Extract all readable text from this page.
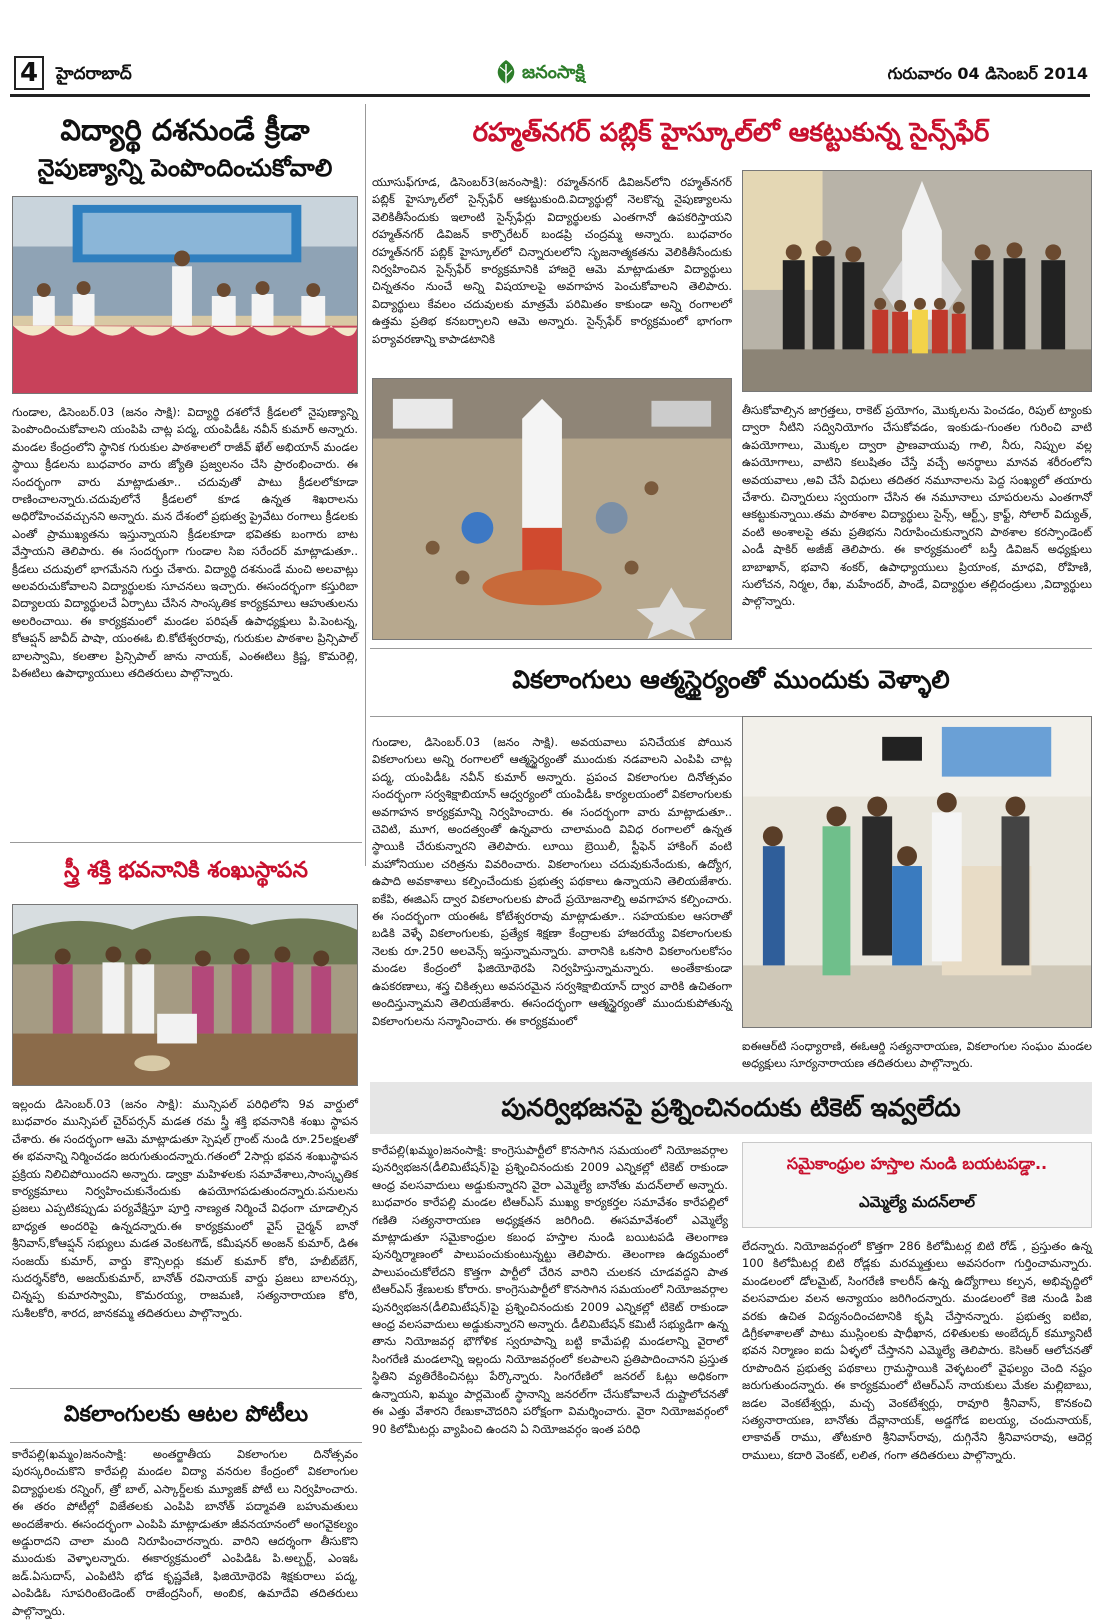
4	హైదరాబాద్	జనంసాక్షి	గురువారం 04 డిసెంబర్ 2014
విద్యార్థి దశనుండే క్రీడా
నైపుణ్యాన్ని పెంపొందించుకోవాలి
గుండాల, డిసెంబర్.03 (జనం సాక్షి): విద్యార్థి దశలోనే క్రీడలలో నైపుణ్యాన్ని పెంపొందించుకోవాలని యంపిపి చాట్ల పద్మ, యంపిడీఓ నవీన్ కుమార్ అన్నారు. మండల కేంద్రంలోని స్థానిక గురుకుల పాఠశాలలో రాజీవ్ ఖేల్ అభియాన్ మండల స్థాయి క్రీడలను బుధవారం వారు జ్యోతి ప్రజ్వలనం చేసి ప్రారంభించారు. ఈ సందర్భంగా వారు మాట్లాడుతూ.. చదువుతో పాటు క్రీడలలోకూడా రాణించాలన్నారు.చదువులోనే క్రీడలలో కూడ ఉన్నత శిఖరాలను అధిరోహించవచ్చునని అన్నారు. మన దేశంలో ప్రభుత్వ ప్రైవేటు రంగాలు క్రీడలకు ఎంతో ప్రాముఖ్యతను ఇస్తున్నాయని క్రీడలకూడా భవితకు బంగారు బాట వేస్తాయని తెలిపారు. ఈ సందర్భంగా గుండాల సిఐ సరేందర్ మాట్లాడుతూ.. క్రీడలు చదువులో భాగమేనని గుర్తు చేశారు. విద్యార్థి దశనుండే మంచి అలవాట్లు అలవరుచుకోవాలని విద్యార్థులకు సూచనలు ఇచ్చారు. ఈసందర్భంగా కస్తురిబా విద్యాలయ విద్యార్థులచే ఏర్పాటు చేసిన సాంస్కతిక కార్యక్రమాలు ఆహుతులను అలరించాయి. ఈ కార్యక్రమంలో మండల పరిషత్ ఉపాధ్యక్షులు పి.పెంటన్న, కోఆప్షన్ జావీద్ పాషా, యంఈఓ బి.కోటేశ్వరరావు, గురుకుల పాఠశాల ప్రిన్సిపాల్ బాలస్వామి, కలతాల ప్రిన్సిపాల్ జాను నాయక్, ఎంఈటిలు క్రిష్ణ, కొమరెల్లి, పిఈటిలు ఉపాధ్యాయులు తదితరులు పాల్గొన్నారు.
రహ్మత్‌నగర్ పబ్లిక్ హైస్కూల్‌లో ఆకట్టుకున్న సైన్స్‌ఫేర్
యూసుఫ్‌గూడ, డిసెంబర్3(జనంసాక్షి): రహ్మత్‌నగర్ డివిజన్‌లోని రహ్మత్‌నగర్ పబ్లిక్ హైస్కూల్‌లో సైన్స్‌ఫేర్ ఆకట్టుకుంది.విద్యార్థుల్లో నెలకొన్న నైపుణ్యాలను వెలికితీసేందుకు ఇలాంటి సైన్స్‌ఫేర్లు విద్యార్థులకు ఎంతగానో ఉపకరిస్తాయని రహ్మత్‌నగర్ డివిజన్ కార్పొరేటర్ బండప్రి చంద్రమ్మ అన్నారు. బుధవారం రహ్మత్‌నగర్ పబ్లిక్ హైస్కూల్‌లో చిన్నారులలోని సృజనాత్మకతను వెలికితీసేందుకు నిర్వహించిన సైన్స్‌ఫేర్ కార్యక్రమానికి హాజరై ఆమె మాట్లాడుతూ విద్యార్థులు చిన్నతనం నుంచే అన్ని విషయాలపై అవగాహన పెంచుకోవాలని తెలిపారు. విద్యార్థులు కేవలం చదువులకు మాత్రమే పరిమితం కాకుండా అన్ని రంగాలలో ఉత్తమ ప్రతిభ కనబర్చాలని ఆమె అన్నారు. సైన్స్‌ఫేర్ కార్యక్రమంలో భాగంగా పర్యావరణాన్ని కాపాడటానికి
తీసుకోవాల్సిన జాగ్రత్తలు, రాకెట్ ప్రయోగం, మొక్కలను పెంచడం, రిపుల్ ట్యాంకు ద్వారా నీటిని సద్వినియోగం చేసుకోవడం, ఇంకుడు-గుంతల గురించి వాటి ఉపయోగాలు, మొక్కల ద్వారా ప్రాణవాయువు గాలి, నీరు, నిప్పుల వల్ల ఉపయోగాలు, వాటిని కలుషితం చేస్తే వచ్చే అనర్థాలు మానవ శరీరంలోని అవయవాలు ,అవి చేసే విధులు తదితర నమూనాలను పెద్ద సంఖ్యలో తయారు చేశారు. చిన్నారులు స్వయంగా చేసిన ఈ నమూనాలు చూపరులను ఎంతగానో ఆకట్టుకున్నాయి.తమ పాఠశాల విద్యార్థులు సైన్స్, ఆర్ట్స్, క్రాఫ్ట్, సోలార్ విద్యుత్, వంటి అంశాలపై తమ ప్రతిభను నిరూపించుకున్నారని పాఠశాల కరస్పాండెంట్ ఎండీ షాకిర్ అజీజ్ తెలిపారు. ఈ కార్యక్రమంలో బస్తీ డివిజన్ అధ్యక్షులు బాబాఖాన్, భవాని శంకర్, ఉపాధ్యాయులు ప్రియాంక, మాధవి, రోహిణి, సులోచన, నిర్మల, రేఖ, మహేందర్, పాండే, విద్యార్థుల తల్లిదండ్రులు ,విద్యార్థులు పాల్గొన్నారు.
స్త్రీ శక్తి భవనానికి శంఖుస్థాపన
ఇల్లందు డిసెంబర్.03 (జనం సాక్షి): మున్సిపల్ పరిధిలోని 9వ వార్డులో బుధవారం మున్సిపల్ చైర్‌పర్సన్ మడత రమ స్త్రీ శక్తి భవనానికి శంఖు స్థాపన చేశారు. ఈ సందర్భంగా ఆమె మాట్లాడుతూ స్పెషల్ గ్రాంట్ నుండి రూ.25లక్షలతో ఈ భవనాన్ని నిర్మించడం జరుగుతుందన్నారు.గతంలో 2సార్లు భవన శంఖుస్థాపన ప్రక్రియ నిలిచిపోయిందని అన్నారు. డ్వాక్రా మహిళలకు సమావేశాలు,సాంస్కృతిక కార్యక్రమాలు నిర్వహించుకునేందుకు ఉపయోగపడుతుందన్నారు.పనులను ప్రజలు ఎప్పటికప్పుడు పర్యవేక్షిస్తూ పూర్తి నాణ్యత నిర్మించే విధంగా చూడాల్సిన బాధ్యత అందరిపై ఉన్నదన్నారు.ఈ కార్యక్రమంలో వైస్ చైర్మన్ బానో శ్రీనివాస్,కోఆప్షన్ సభ్యులు మడత వెంకటగౌడ్, కమీషనర్ అంజన్ కుమార్, డిఈ సంజయ్ కుమార్, వార్డు కౌన్సిలర్లు కమల్ కుమార్ కోరి, హబీబ్‌బేగ్, సుదర్శన్‌కోరి, అజయ్‌కుమార్, బానోత్ రవినాయక్ వార్డు ప్రజలు బాలనర్సు, చిన్నప్ప కుమారస్వామి, కొమరయ్య, రాజమణి, సత్యనారాయణ కోరి, సుశీలకోరి, శారద, జానకమ్మ తదితరులు పాల్గొన్నారు.
వికలాంగులు ఆత్మస్థైర్యంతో ముందుకు వెళ్ళాలి
గుండాల, డిసెంబర్.03 (జనం సాక్షి). అవయవాలు పనిచేయక పోయిన వికలాంగులు అన్ని రంగాలలో ఆత్మస్థైర్యంతో ముందుకు నడవాలని ఎంపిపి చాట్ల పద్మ, యంపిడీఓ నవీన్ కుమార్ అన్నారు. ప్రపంచ వికలాంగుల దినోత్సవం సందర్భంగా సర్వశిక్షాబియాన్ ఆధ్వర్యంలో యంపిడీఓ కార్యలయంలో వికలాంగులకు అవగాహన కార్యక్రమాన్ని నిర్వహించారు. ఈ సందర్భంగా వారు మాట్లాడుతూ.. చెవిటి, మూగ, అందత్వంతో ఉన్నవారు చాలామంది వివిధ రంగాలలో ఉన్నత స్థాయికి చేరుకున్నారని తెలిపారు. లూయి బ్రెయిలీ, స్టీఫెన్ హాకింగ్ వంటి మహోనియుల చరిత్రను వివరించారు. వికలాంగులు చదువుకునేందుకు, ఉద్యోగ, ఉపాది అవకాశాలు కల్పించేందుకు ప్రభుత్వ పథకాలు ఉన్నాయని తెలియజేశారు. ఐకేపి, ఈజిఎస్ ద్వార వికలాంగులకు పొందే ప్రయోజనాల్ని అవగాహన కల్పించారు. ఈ సందర్భంగా యంఈఓ కోటేశ్వరరావు మాట్లాడుతూ.. సహయకుల ఆసరాతో బడికి వెళ్ళే వికలాంగులకు, ప్రత్యేక శిక్షణా కేంద్రాలకు హాజరయ్యే వికలాంగులకు నెలకు రూ.250 అలవెన్స్ ఇస్తున్నామన్నారు. వారానికి ఒకసారి వికలాంగులకోసం మండల కేంద్రంలో ఫిజియోథెరపి నిర్వహిస్తున్నామన్నారు. అంతేకాకుండా ఉపకరణాలు, శస్త్ర చికిత్సలు అవసరమైన సర్వశిక్షాబియాన్ ద్వార వారికి ఉచితంగా అందిస్తున్నామని తెలియజేశారు. ఈసందర్భంగా ఆత్మస్థైర్యంతో ముందుకుపోతున్న వికలాంగులను సన్మానించారు. ఈ కార్యక్రమంలో
ఐఈఆర్‌టి సంధ్యారాణి, ఈఓఆర్డి సత్యనారాయణ, వికలాంగుల సంఘం మండల అధ్యక్షులు సూర్యనారాయణ తదితరులు పాల్గొన్నారు.
వికలాంగులకు ఆటల పోటీలు
కారేపల్లి(ఖమ్మం)జనంసాక్షి: అంతర్జాతీయ వికలాంగుల దినోత్సవం పురస్కరించుకొని కారేపల్లి మండల విద్యా వనరుల కేంద్రంలో వికలాంగుల విద్యార్థులకు రన్నింగ్, త్రో బాల్, ఎస్కార్డ్‌లకు మ్యూజిక్ పోటీ లు నిర్వహించారు. ఈ తరం పోటీల్లో విజేతలకు ఎంపిపి బానోత్ పద్మావతి బహుమతులు అందజేశారు. ఈసందర్భంగా ఎంపిపి మాట్లాడుతూ జీవనయానంలో అంగవైకల్యం అడ్డురాదని చాలా మంది నిరూపించారన్నారు. వారిని ఆదర్శంగా తీసుకొని ముందుకు వెళ్ళాలన్నారు. ఈకార్యక్రమంలో ఎంపిడిఓ పి.అల్బర్ట్, ఎంఇఓ జడ్.ఏసుదాస్, ఎంపిటిసి భోడ కృష్ణవేణి, ఫిజియోథెరపి శిక్షకురాలు పద్మ, ఎంపిడిఓ సూపరింటెండెంట్ రాజేంద్రసింగ్, అంబిక, ఉమాదేవి తదితరులు పాల్గొన్నారు.
పునర్విభజనపై ప్రశ్నించినందుకు టికెట్ ఇవ్వలేదు
కారేపల్లి(ఖమ్మం)జనంసాక్షి: కాంగ్రెసుపార్టీలో కొనసాగిన సమయంలో నియోజవర్గాల పునర్విభజన(డీలిమిటేషన్)పై ప్రశ్నించినందుకు 2009 ఎన్నికల్లో టికెట్ రాకుండా ఆంధ్ర వలసవాదులు అడ్డుకున్నారని వైరా ఎమ్మెల్యే బానోతు మదన్‌లాల్ అన్నారు. బుధవారం కారేపల్లి మండల టిఆర్‌ఎస్ ముఖ్య కార్యకర్తల సమావేశం కారేపల్లిలో గణితి సత్యనారాయణ అధ్యక్షతన జరిగింది. ఈసమావేశంలో ఎమ్మెల్యే మాట్లాడుతూ సమైకాంధ్రుల కబంధ హస్తాల నుండి బయిటపడి తెలంగాణ పునర్నిర్మాణంలో పాలుపంచుకుంటున్నట్టు తెలిపారు. తెలంగాణ ఉద్యమంలో పాలుపంచుకోలేదని కొత్తగా పార్టీలో చేరిన వారిని చులకన చూడవద్దని పాత టిఆర్‌ఎస్ శ్రేణులకు కోరారు. కాంగ్రెసుపార్టీలో కొనసాగిన సమయంలో నియోజవర్గాల పునర్విభజన(డీలిమిటేషన్)పై ప్రశ్నించినందుకు 2009 ఎన్నికల్లో టికెట్ రాకుండా ఆంధ్ర వలసవాదులు అడ్డుకున్నారని అన్నారు. డీలిమిటేషన్ కమిటీ సభ్యుడిగా ఉన్న తాను నియోజవర్గ భౌగోళిక స్వరూపాన్ని బట్టి కామేపల్లి మండలాన్ని వైరాలో సింగరేణి మండలాన్ని ఇల్లందు నియోజవర్గంలో కలపాలని ప్రతిపాదించానని ప్రస్తుత స్థితిని వ్యతిరేకించినట్లు పేర్కొన్నారు. సింగరేణిలో జనరల్ ఓట్లు అధికంగా ఉన్నాయని, ఖమ్మం పార్లమెంట్ స్థానాన్ని జనరల్‌గా చేసుకోవాలనే దుష్టాలోచనతో ఈ ఎత్తు వేశారని రేణుకాచౌదరిని పరోక్షంగా విమర్శించారు. వైరా నియోజవర్గంలో 90 కిలోమీటర్లు వ్యాపించి ఉందని ఏ నియోజవర్గం ఇంత పరిధి
సమైకాంధ్రుల హస్తాల నుండి బయటపడ్డా..
ఎమ్మెల్యే మదన్‌లాల్
లేదన్నారు. నియోజవర్గంలో కొత్తగా 286 కిలోమీటర్ల బిటి రోడ్ , ప్రస్తుతం ఉన్న 100 కిలోమీటర్ల బిటి రోడ్లకు మరమ్మత్తులు అవసరంగా గుర్తించామన్నారు. మండలంలో డోలమైట్, సింగరేణి కాలరీస్ ఉన్న ఉద్యోగాలు కల్పన, అభివృద్ధిలో వలసవాదుల వలన అన్యాయం జరిగిందన్నారు. మండలంలో కెజి నుండి పిజి వరకు ఉచిత విద్యనందించటానికి కృషి చేస్తానన్నారు. ప్రభుత్వ ఐటిఐ, డిగ్రీకళాశాలతో పాటు ముస్లింలకు షాధీఖాన, దళితులకు అంబేద్కర్ కమ్యూనిటీ భవన నిర్మాణం ఐదు ఏళ్ళలో చేస్తానని ఎమ్మెల్యే తెలిపారు. కెసిఆర్ ఆలోచనతో రూపొందిన ప్రభుత్వ పథకాలు గ్రామస్థాయికి వెళ్ళటంలో వైఫల్యం చెంది నష్టం జరుగుతుందన్నారు. ఈ కార్యక్రమంలో టిఆర్‌ఎస్ నాయకులు మేకల మల్లిబాబు, జడల వెంకటేశ్వర్లు, మచ్చ వెంకటేశ్వర్లు, రావూరి శ్రీనివాస్, కొనకంచి సత్యనారాయణ, బానోతు దేవ్లానాయక్, అడ్డగోడ ఐలయ్య, చందునాయక్, లాకావత్ రాము, తోటకూరి శ్రీనివాస్‌రావు, దుగ్గినేని శ్రీనివాసరావు, ఆదెర్ల రాములు, కదారి వెంకట్, లలిత, గంగా తదితరులు పాల్గొన్నారు.
